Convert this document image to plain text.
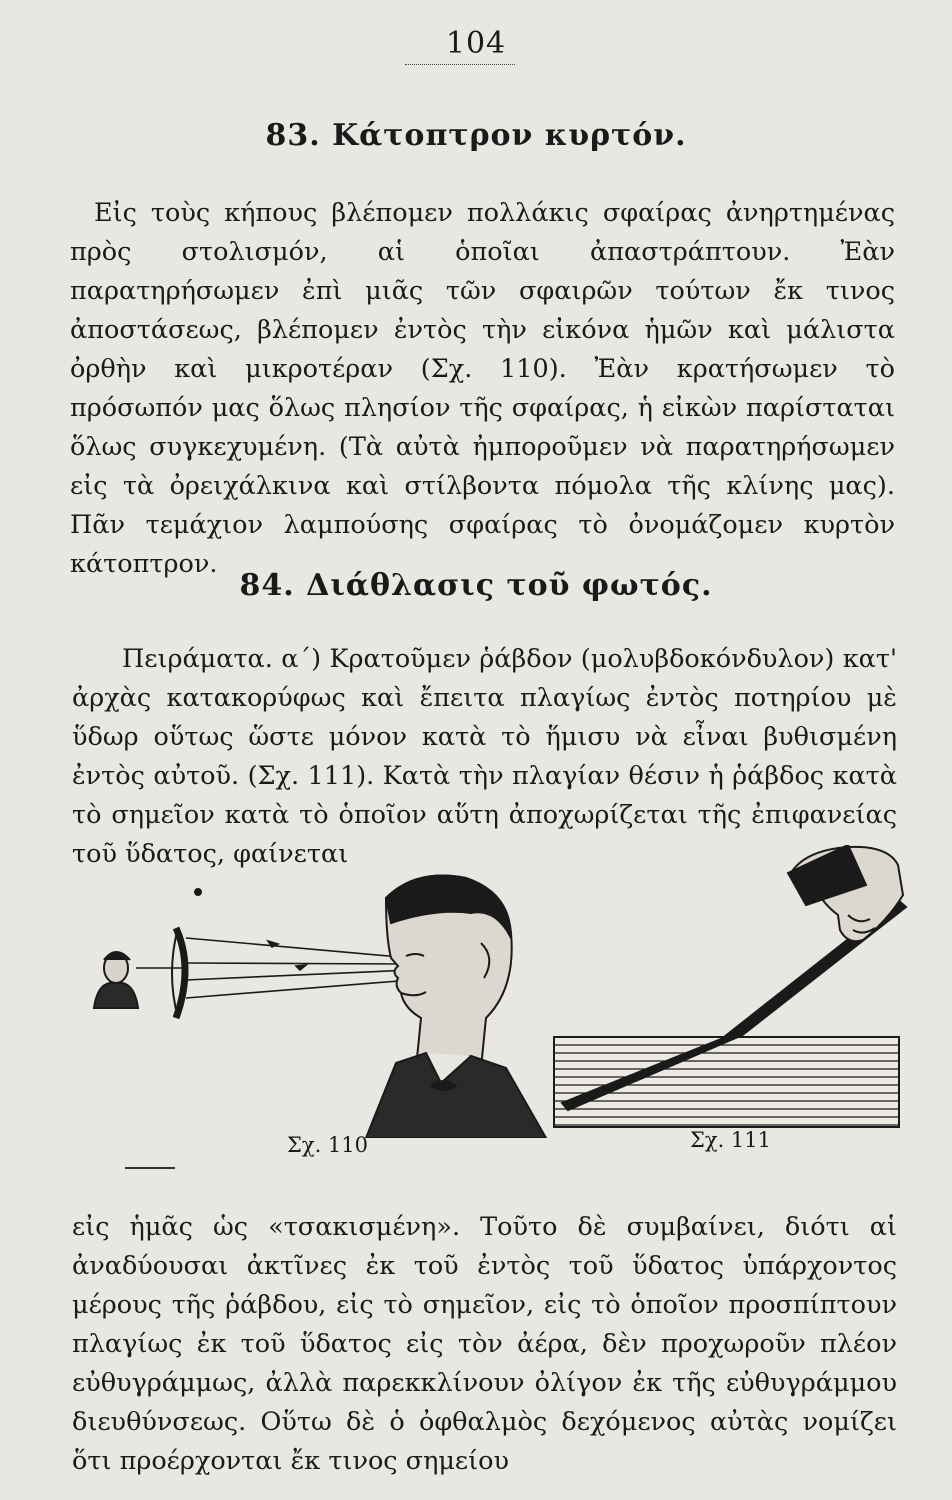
104
83. Κάτοπτρον κυρτόν.

Εἰς τοὺς κήπους βλέπομεν πολλάκις σφαίρας ἀνηρτημένας πρὸς στολισμόν, αἱ ὁποῖαι ἀπαστράπτουν. Ἐὰν παρατηρήσωμεν ἐπὶ μιᾶς τῶν σφαιρῶν τούτων ἔκ τινος ἀποστάσεως, βλέπομεν ἐντὸς τὴν εἰκόνα ἡμῶν καὶ μάλιστα ὀρθὴν καὶ μικροτέραν (Σχ. 110). Ἐὰν κρατήσωμεν τὸ πρόσωπόν μας ὅλως πλησίον τῆς σφαίρας, ἡ εἰκὼν παρίσταται ὅλως συγκεχυμένη. (Τὰ αὐτὰ ἠμποροῦμεν νὰ παρατηρήσωμεν εἰς τὰ ὀρειχάλκινα καὶ στίλβοντα πόμολα τῆς κλίνης μας). Πᾶν τεμάχιον λαμπούσης σφαίρας τὸ ὀνομάζομεν κυρτὸν κάτοπτρον.

84. Διάθλασις τοῦ φωτός.

Πειράματα. α΄) Κρατοῦμεν ῥάβδον (μολυβδοκόνδυλον) κατ' ἀρχὰς κατακορύφως καὶ ἔπειτα πλαγίως ἐντὸς ποτηρίου μὲ ὕδωρ οὕτως ὥστε μόνον κατὰ τὸ ἥμισυ νὰ εἶναι βυθισμένη ἐντὸς αὐτοῦ. (Σχ. 111). Κατὰ τὴν πλαγίαν θέσιν ἡ ῥάβδος κατὰ τὸ σημεῖον κατὰ τὸ ὁποῖον αὕτη ἀποχωρίζεται τῆς ἐπιφανείας τοῦ ὕδατος, φαίνεται

Σχ. 110	Σχ. 111

εἰς ἡμᾶς ὡς «τσακισμένη». Τοῦτο δὲ συμβαίνει, διότι αἱ ἀναδύουσαι ἀκτῖνες ἐκ τοῦ ἐντὸς τοῦ ὕδατος ὑπάρχοντος μέρους τῆς ῥάβδου, εἰς τὸ σημεῖον, εἰς τὸ ὁποῖον προσπίπτουν πλαγίως ἐκ τοῦ ὕδατος εἰς τὸν ἀέρα, δὲν προχωροῦν πλέον εὐθυγράμμως, ἀλλὰ παρεκκλίνουν ὀλίγον ἐκ τῆς εὐθυγράμμου διευθύνσεως. Οὕτω δὲ ὁ ὀφθαλμὸς δεχόμενος αὐτὰς νομίζει ὅτι προέρχονται ἔκ τινος σημείου
